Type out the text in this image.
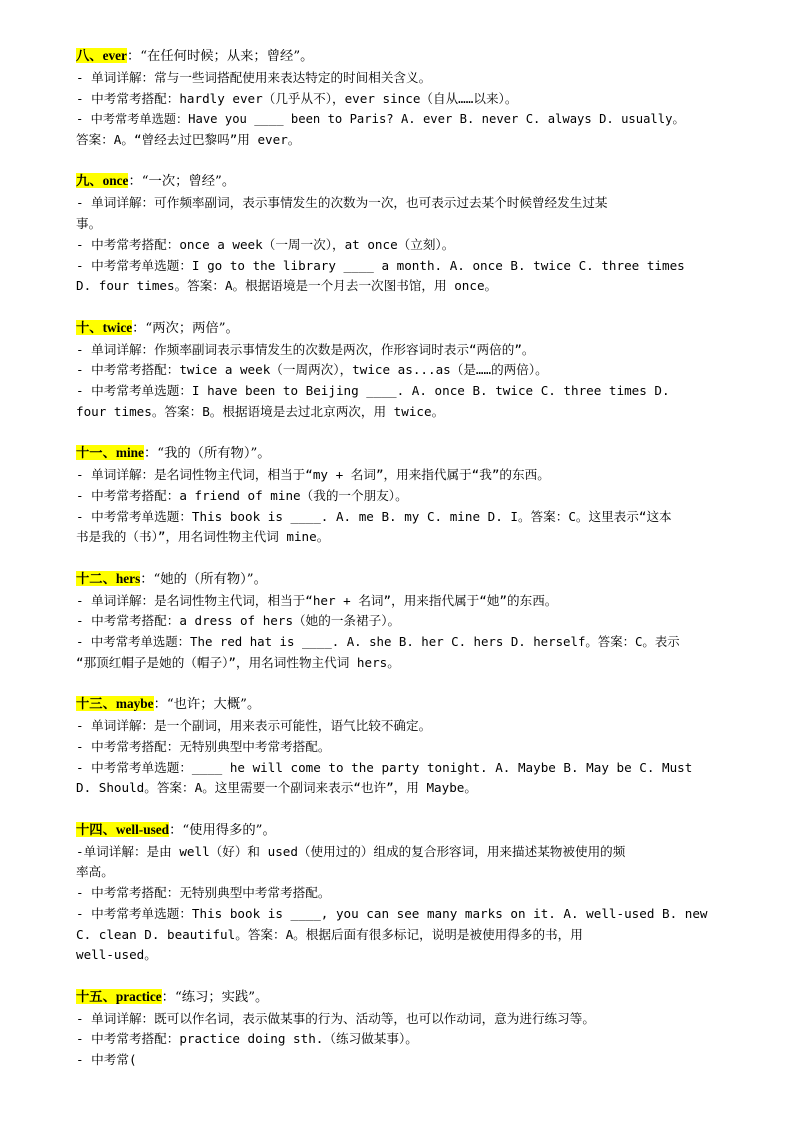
八、ever：“在任何时候；从来；曾经”。
- 单词详解：常与一些词搭配使用来表达特定的时间相关含义。
- 中考常考搭配：hardly ever（几乎从不），ever since（自从……以来）。
- 中考常考单选题：Have you ____ been to Paris? A. ever B. never C. always D. usually。
答案：A。“曾经去过巴黎吗”用 ever。
九、once：“一次；曾经”。
- 单词详解：可作频率副词，表示事情发生的次数为一次，也可表示过去某个时候曾经发生过某
事。
- 中考常考搭配：once a week（一周一次），at once（立刻）。
- 中考常考单选题：I go to the library ____ a month. A. once B. twice C. three times
D. four times。答案：A。根据语境是一个月去一次图书馆，用 once。
十、twice：“两次；两倍”。
- 单词详解：作频率副词表示事情发生的次数是两次，作形容词时表示“两倍的”。
- 中考常考搭配：twice a week（一周两次），twice as...as（是……的两倍）。
- 中考常考单选题：I have been to Beijing ____. A. once B. twice C. three times D.
four times。答案：B。根据语境是去过北京两次，用 twice。
十一、mine：“我的（所有物）”。
- 单词详解：是名词性物主代词，相当于“my + 名词”，用来指代属于“我”的东西。
- 中考常考搭配：a friend of mine（我的一个朋友）。
- 中考常考单选题：This book is ____. A. me B. my C. mine D. I。答案：C。这里表示“这本
书是我的（书）”，用名词性物主代词 mine。
十二、hers：“她的（所有物）”。
- 单词详解：是名词性物主代词，相当于“her + 名词”，用来指代属于“她”的东西。
- 中考常考搭配：a dress of hers（她的一条裙子）。
- 中考常考单选题：The red hat is ____. A. she B. her C. hers D. herself。答案：C。表示
“那顶红帽子是她的（帽子）”，用名词性物主代词 hers。
十三、maybe：“也许；大概”。
- 单词详解：是一个副词，用来表示可能性，语气比较不确定。
- 中考常考搭配：无特别典型中考常考搭配。
- 中考常考单选题：____ he will come to the party tonight. A. Maybe B. May be C. Must
D. Should。答案：A。这里需要一个副词来表示“也许”，用 Maybe。
十四、well-used：“使用得多的”。
-单词详解：是由 well（好）和 used（使用过的）组成的复合形容词，用来描述某物被使用的频
率高。
- 中考常考搭配：无特别典型中考常考搭配。
- 中考常考单选题：This book is ____, you can see many marks on it. A. well-used B. new
C. clean D. beautiful。答案：A。根据后面有很多标记，说明是被使用得多的书，用
well-used。
十五、practice：“练习；实践”。
- 单词详解：既可以作名词，表示做某事的行为、活动等，也可以作动词，意为进行练习等。
- 中考常考搭配：practice doing sth.（练习做某事）。
- 中考常(
